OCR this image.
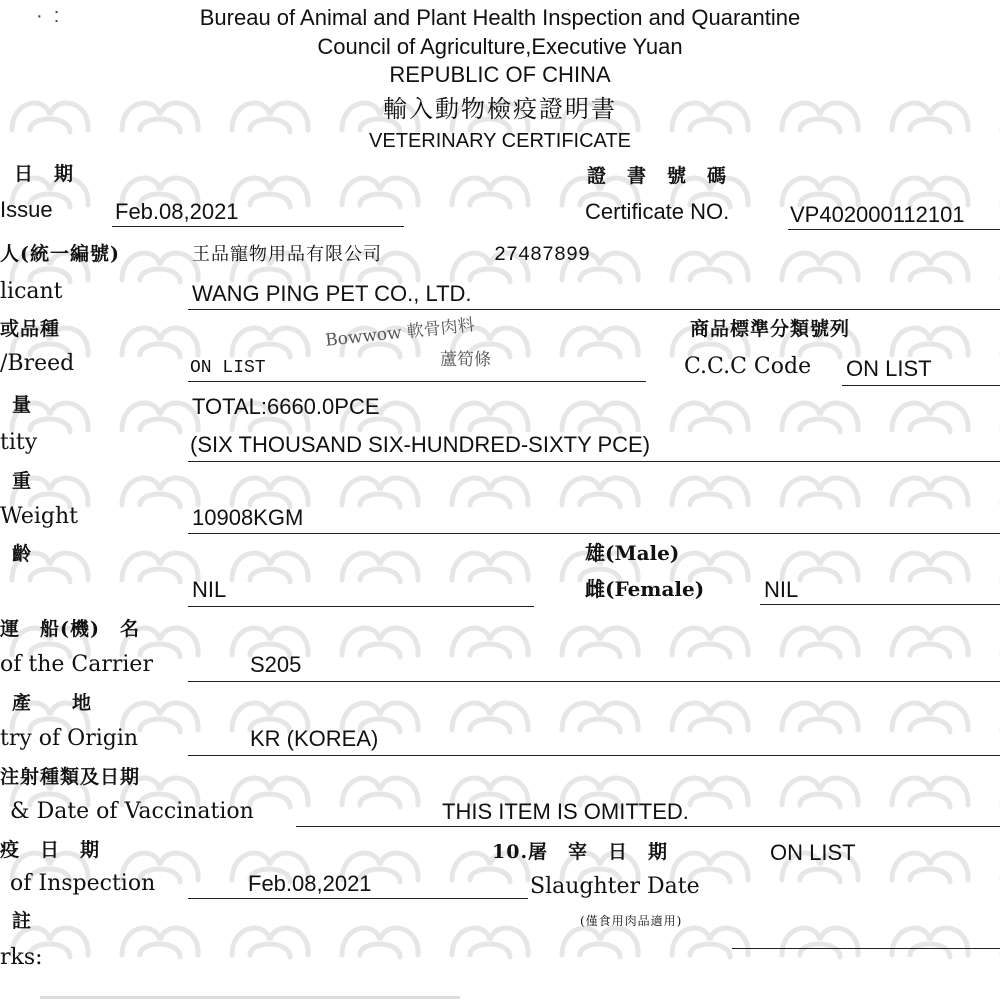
·  :	Bureau of Animal and Plant Health Inspection and Quarantine
Council of Agriculture,Executive Yuan
REPUBLIC OF CHINA
輸入動物檢疫證明書
VETERINARY CERTIFICATE
日　期
Issue	Feb.08,2021
證　書　號　碼
Certificate NO.	VP402000112101
人(統一編號)	王品寵物用品有限公司	27487899
licant	WANG PING PET CO., LTD.
或品種	Bowwow 軟骨肉料
蘆筍條
/Breed	ON LIST
商品標準分類號列
C.C.C Code ON LIST
量	TOTAL:6660.0PCE
tity	(SIX THOUSAND SIX-HUNDRED-SIXTY PCE)
重
Weight	10908KGM
齡
NIL
雄(Male)
雌(Female)	NIL
運　船(機)　名
of the Carrier	S205
產　　地
try of Origin	KR (KOREA)
注射種類及日期
& Date of Vaccination	THIS ITEM IS OMITTED.
疫　日　期
of Inspection	Feb.08,2021
10.屠　宰　日　期	ON LIST
Slaughter Date
(僅食用肉品適用)
註
rks:
